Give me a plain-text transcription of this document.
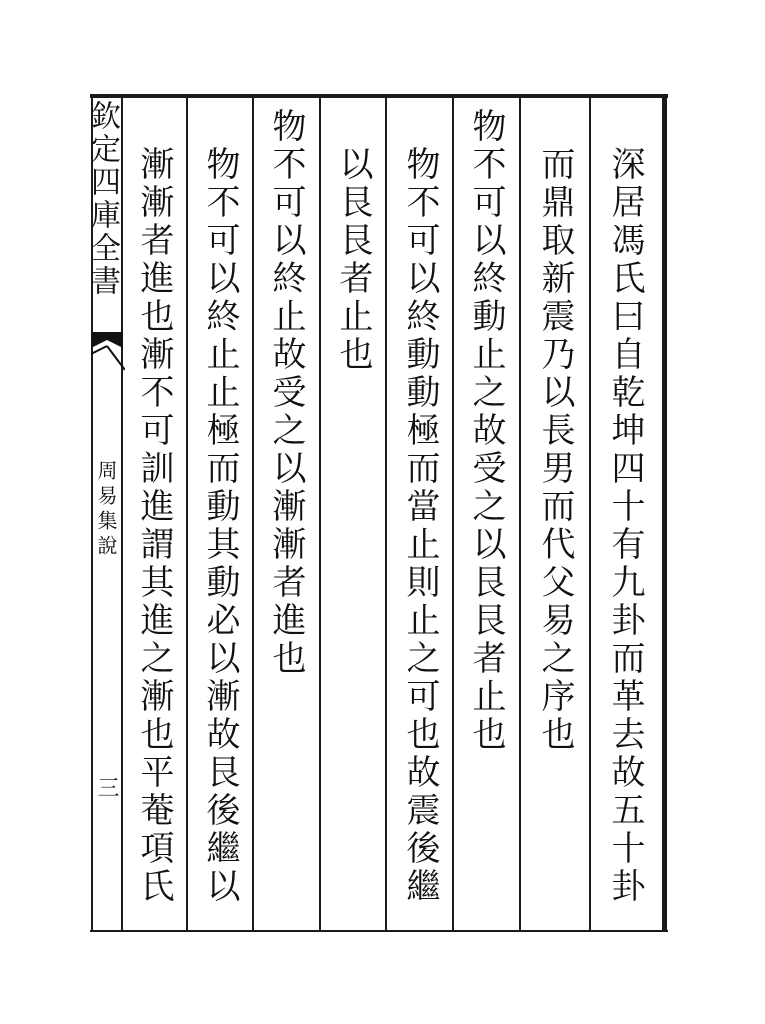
欽定四庫全書

周易集說

三	深居馮氏曰自乾坤四十有九卦而革去故五十卦

而鼎取新震乃以長男而代父易之序也

物不可以終動止之故受之以艮艮者止也

物不可以終動動極而當止則止之可也故震後繼

以艮艮者止也

物不可以終止故受之以漸漸者進也

物不可以終止止極而動其動必以漸故艮後繼以

漸漸者進也漸不可訓進謂其進之漸也平菴項氏
